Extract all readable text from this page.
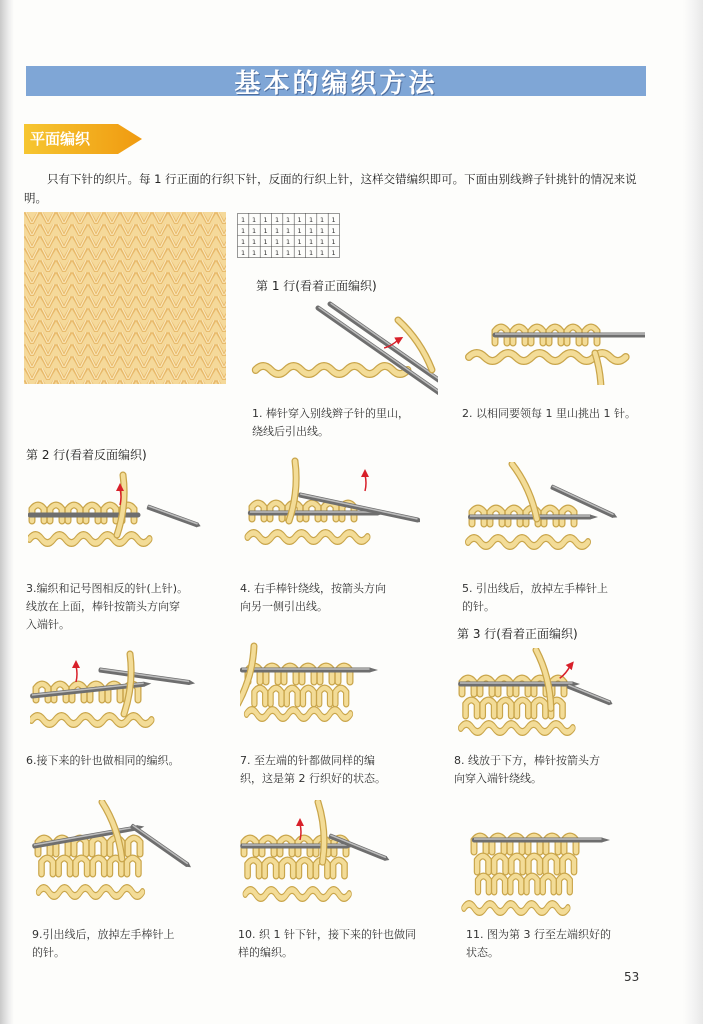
基本的编织方法
平面编织
只有下针的织片。每 1 行正面的行织下针，反面的行织上针，这样交错编织即可。下面由别线辫子针挑针的情况来说明。
1 1 1 1 1 1 1 1 1
第 1 行(看着正面编织)
第 2 行(看着反面编织)
第 3 行(看着正面编织)
1. 棒针穿入别线辫子针的里山，
绕线后引出线。
2. 以相同要领每 1 里山挑出 1 针。
3.编织和记号图相反的针(上针)。
线放在上面，棒针按箭头方向穿
入端针。
4. 右手棒针绕线，按箭头方向
向另一侧引出线。
5. 引出线后，放掉左手棒针上
的针。
6.接下来的针也做相同的编织。	7. 至左端的针都做同样的编
织，这是第 2 行织好的状态。
8. 线放于下方，棒针按箭头方
向穿入端针绕线。
9.引出线后，放掉左手棒针上
的针。
10. 织 1 针下针，接下来的针也做同
样的编织。
11. 图为第 3 行至左端织好的
状态。
53
